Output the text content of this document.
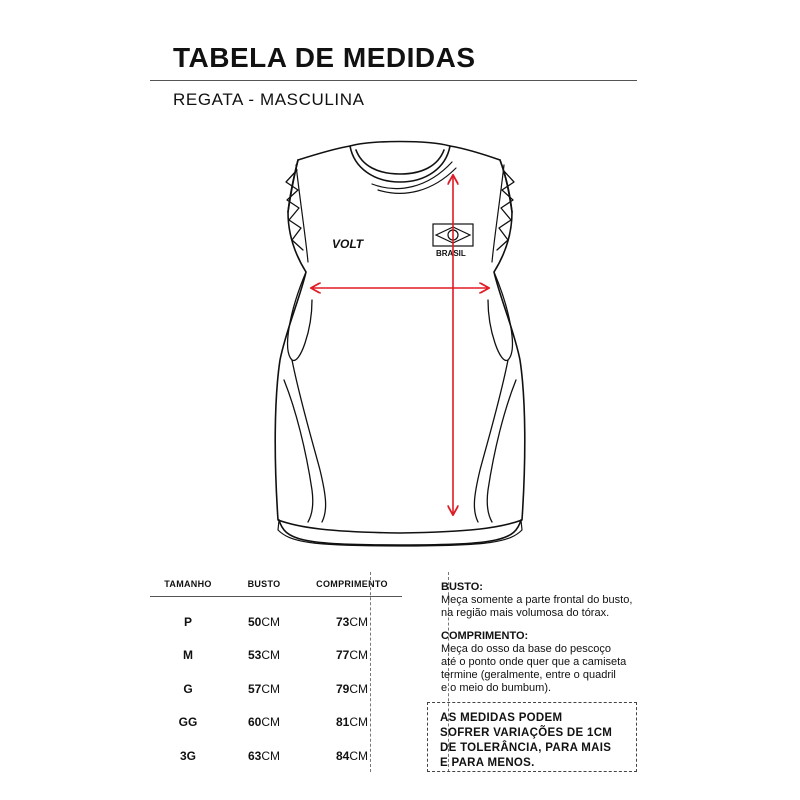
TABELA DE MEDIDAS
REGATA - MASCULINA
VOLT
BRASIL
TAMANHO	BUSTO	COMPRIMENTO
P	50CM	73CM
M	53CM	77CM
G	57CM	79CM
GG	60CM	81CM
3G	63CM	84CM
BUSTO:
Meça somente a parte frontal do busto,
na região mais volumosa do tórax.
COMPRIMENTO:
Meça do osso da base do pescoço
até o ponto onde quer que a camiseta
termine (geralmente, entre o quadril
e o meio do bumbum).
AS MEDIDAS PODEM
SOFRER VARIAÇÕES DE 1CM
DE TOLERÂNCIA, PARA MAIS
E PARA MENOS.
